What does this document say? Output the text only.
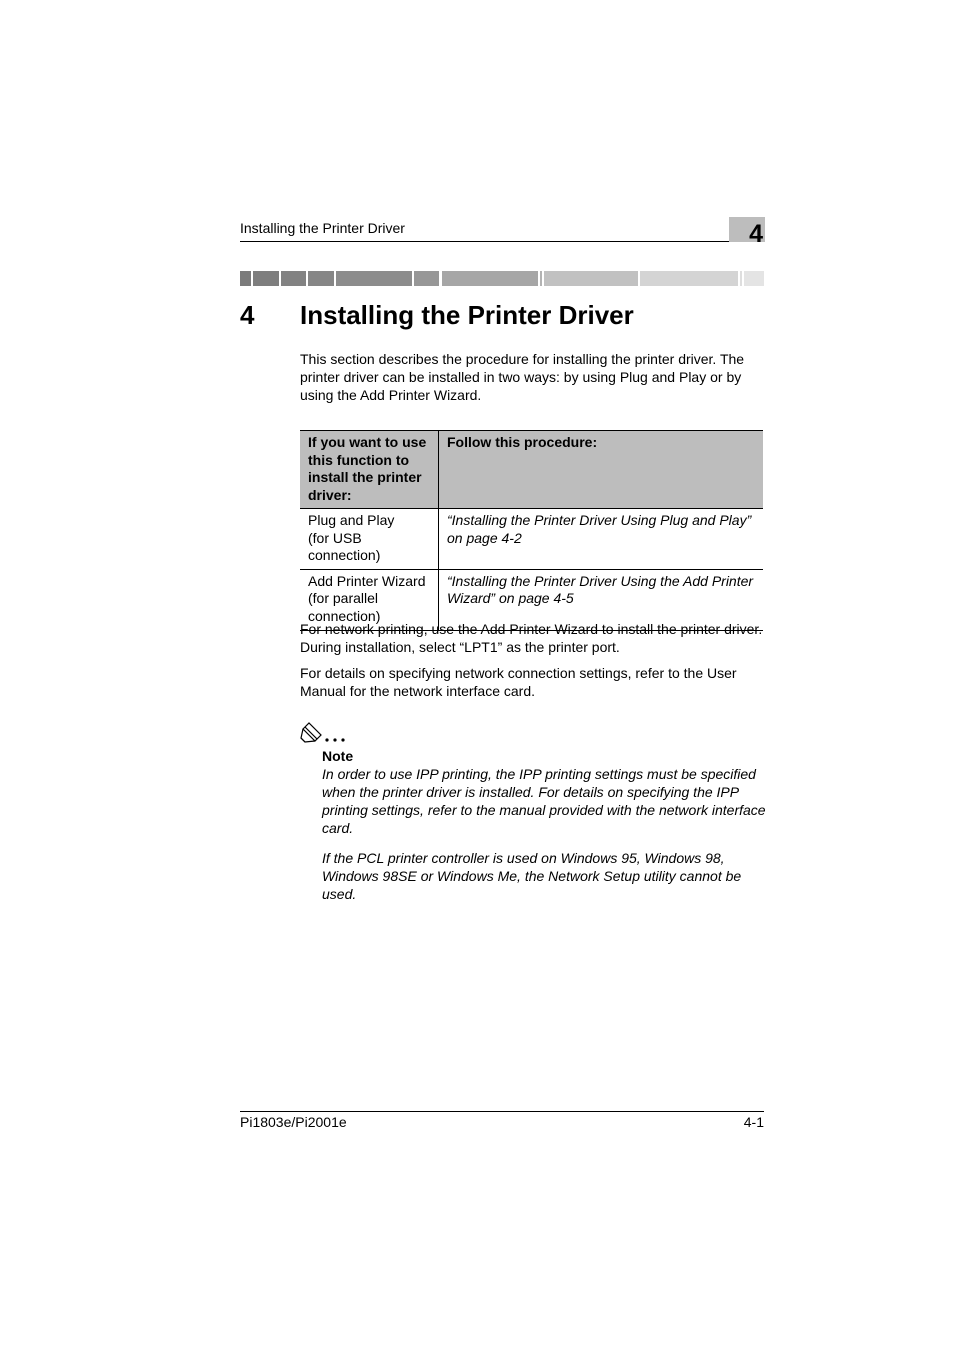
Installing the Printer Driver	4
4 Installing the Printer Driver
This section describes the procedure for installing the printer driver. The printer driver can be installed in two ways: by using Plug and Play or by using the Add Printer Wizard.
If you want to use this function to install the printer driver:	Follow this procedure:
Plug and Play
(for USB connection)	“Installing the Printer Driver Using Plug and Play” on page 4-2
Add Printer Wizard
(for parallel connection)	“Installing the Printer Driver Using the Add Printer Wizard” on page 4-5
For network printing, use the Add Printer Wizard to install the printer driver. During installation, select “LPT1” as the printer port.
For details on specifying network connection settings, refer to the User Manual for the network interface card.
Note
In order to use IPP printing, the IPP printing settings must be specified when the printer driver is installed. For details on specifying the IPP printing settings, refer to the manual provided with the network interface card.
If the PCL printer controller is used on Windows 95, Windows 98, Windows 98SE or Windows Me, the Network Setup utility cannot be used.
Pi1803e/Pi2001e	4-1
